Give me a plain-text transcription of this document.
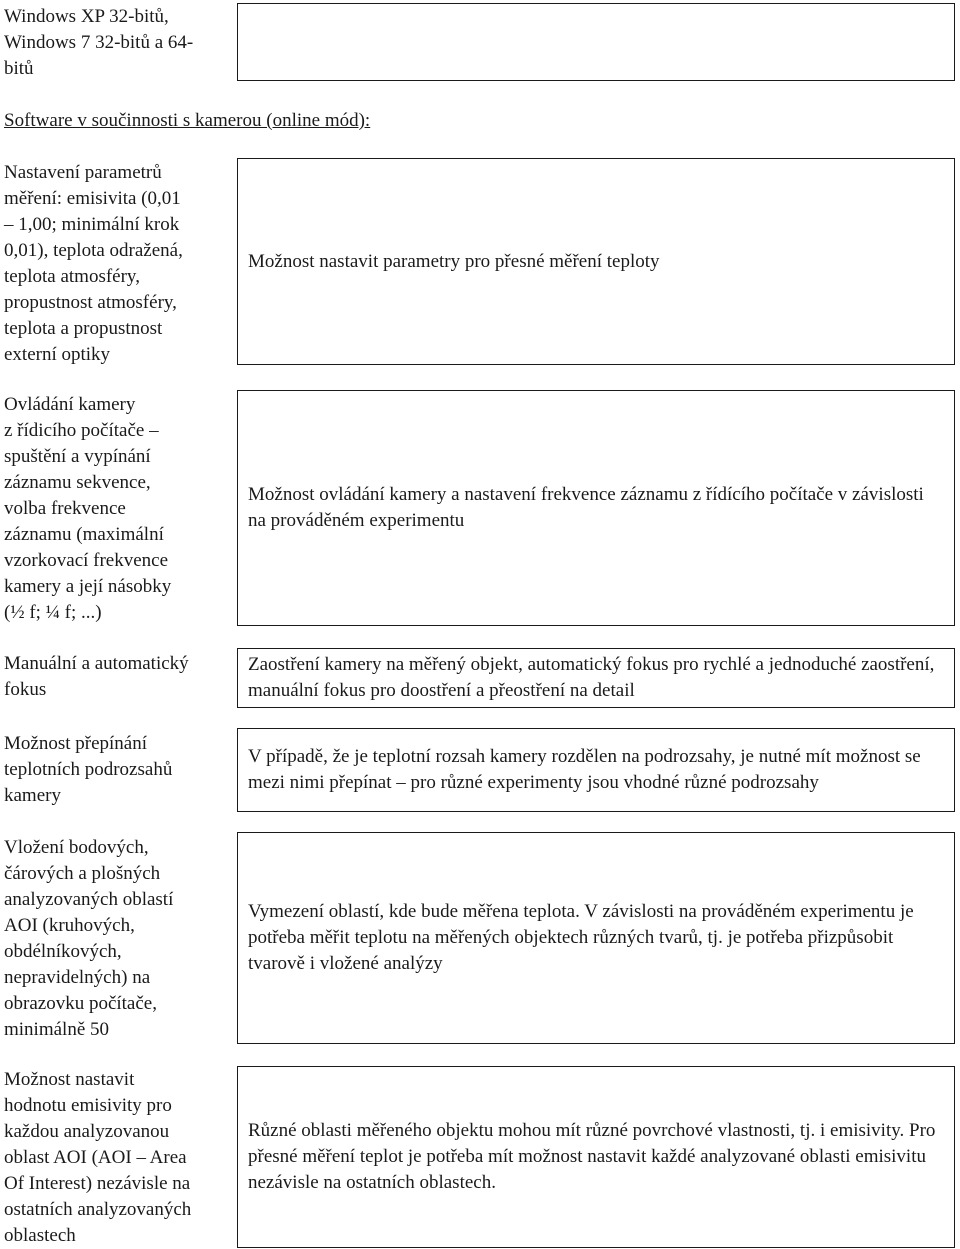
Windows XP 32-bitů,
Windows 7 32-bitů a 64-
bitů

Software v součinnosti s kamerou (online mód):

Nastavení parametrů
měření: emisivita (0,01
– 1,00; minimální krok
0,01), teplota odražená,
teplota atmosféry,
propustnost atmosféry,
teplota a propustnost
externí optiky

Možnost nastavit parametry pro přesné měření teploty

Ovládání kamery
z řídicího počítače –
spuštění a vypínání
záznamu sekvence,
volba frekvence
záznamu (maximální
vzorkovací frekvence
kamery a její násobky
(½ f; ¼ f; ...)

Možnost ovládání kamery a nastavení frekvence záznamu z řídícího počítače v závislosti na prováděném experimentu

Manuální a automatický
fokus

Zaostření kamery na měřený objekt, automatický fokus pro rychlé a jednoduché zaostření, manuální fokus pro doostření a přeostření na detail

Možnost přepínání
teplotních podrozsahů
kamery

V případě, že je teplotní rozsah kamery rozdělen na podrozsahy, je nutné mít možnost se mezi nimi přepínat – pro různé experimenty jsou vhodné různé podrozsahy

Vložení bodových,
čárových a plošných
analyzovaných oblastí
AOI (kruhových,
obdélníkových,
nepravidelných) na
obrazovku počítače,
minimálně 50

Vymezení oblastí, kde bude měřena teplota. V závislosti na prováděném experimentu je potřeba měřit teplotu na měřených objektech různých tvarů, tj. je potřeba přizpůsobit tvarově i vložené analýzy

Možnost nastavit
hodnotu emisivity pro
každou analyzovanou
oblast AOI (AOI – Area
Of Interest) nezávisle na
ostatních analyzovaných
oblastech

Různé oblasti měřeného objektu mohou mít různé povrchové vlastnosti, tj. i emisivity. Pro přesné měření teplot je potřeba mít možnost nastavit každé analyzované oblasti emisivitu nezávisle na ostatních oblastech.
